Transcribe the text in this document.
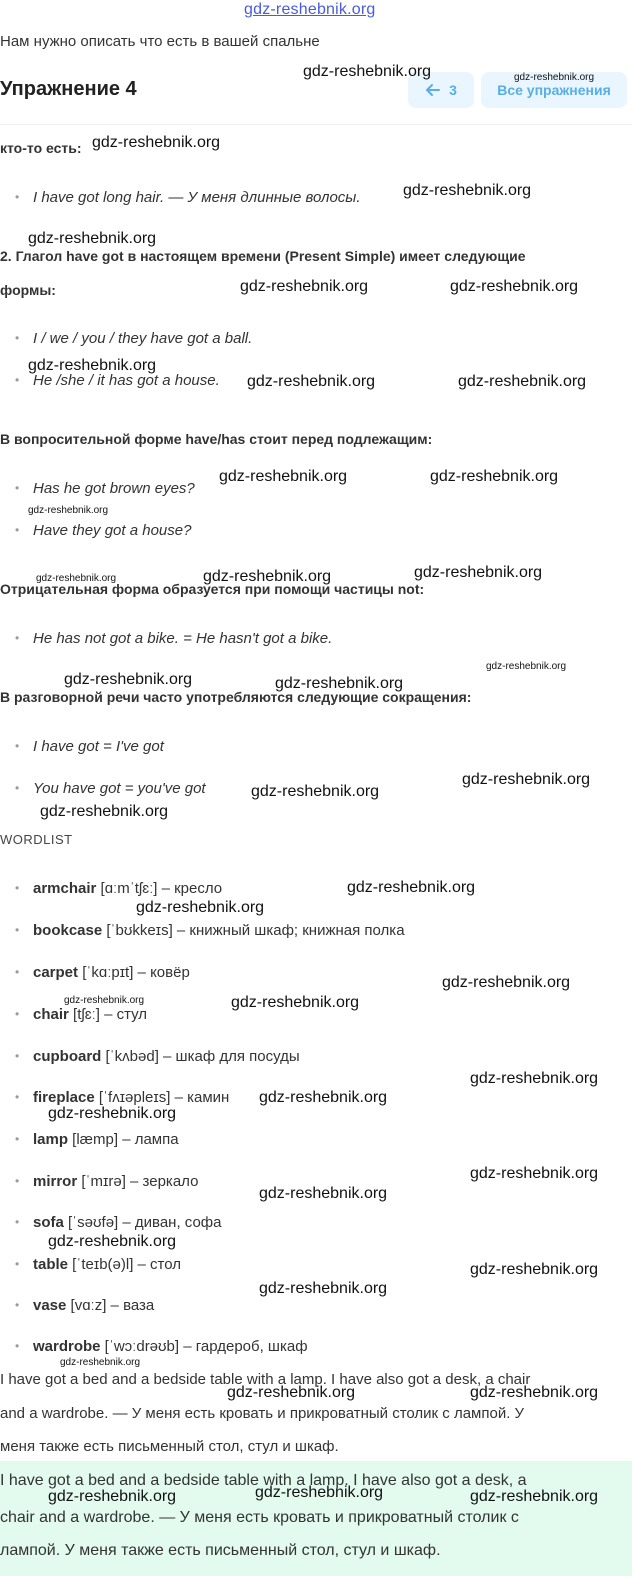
gdz-reshebnik.org
Нам нужно описать что есть в вашей спальне
Упражнение 4	3	Все упражнения
кто-то есть:
• I have got long hair. — У меня длинные волосы.
2. Глагол have got в настоящем времени (Present Simple) имеет следующие
формы:
• I / we / you / they have got a ball.
• He /she / it has got a house.
В вопросительной форме have/has стоит перед подлежащим:
• Has he got brown eyes?
• Have they got a house?
Отрицательная форма образуется при помощи частицы not:
• He has not got a bike. = He hasn't got a bike.
В разговорной речи часто употребляются следующие сокращения:
• I have got = I've got
• You have got = you've got
WORDLIST
• armchair [ɑːmˈtʃɛː] – кресло
• bookcase [ˈbʊkkeɪs] – книжный шкаф; книжная полка
• carpet [ˈkɑːpɪt] – ковёр
• chair [tʃɛː] – стул
• cupboard [ˈkʌbəd] – шкаф для посуды
• fireplace [ˈfʌɪəpleɪs] – камин
• lamp [læmp] – лампа
• mirror [ˈmɪrə] – зеркало
• sofa [ˈsəʊfə] – диван, софа
• table [ˈteɪb(ə)l] – стол
• vase [vɑːz] – ваза
• wardrobe [ˈwɔːdrəʊb] – гардероб, шкаф
I have got a bed and a bedside table with a lamp. I have also got a desk, a chair
and a wardrobe. — У меня есть кровать и прикроватный столик с лампой. У
меня также есть письменный стол, стул и шкаф.
I have got a bed and a bedside table with a lamp. I have also got a desk, a
chair and a wardrobe. — У меня есть кровать и прикроватный столик с
лампой. У меня также есть письменный стол, стул и шкаф.
gdz-reshebnik.org	gdz-reshebnik.org
gdz-reshebnik.org
gdz-reshebnik.org
gdz-reshebnik.org
gdz-reshebnik.org	gdz-reshebnik.org
gdz-reshebnik.org
gdz-reshebnik.org	gdz-reshebnik.org
gdz-reshebnik.org	gdz-reshebnik.org
gdz-reshebnik.org
gdz-reshebnik.org	gdz-reshebnik.org	gdz-reshebnik.org
gdz-reshebnik.org
gdz-reshebnik.org	gdz-reshebnik.org
gdz-reshebnik.org
gdz-reshebnik.org
gdz-reshebnik.org
gdz-reshebnik.org
gdz-reshebnik.org
gdz-reshebnik.org
gdz-reshebnik.org	gdz-reshebnik.org
gdz-reshebnik.org
gdz-reshebnik.org
gdz-reshebnik.org
gdz-reshebnik.org
gdz-reshebnik.org
gdz-reshebnik.org
gdz-reshebnik.org
gdz-reshebnik.org
gdz-reshebnik.org
gdz-reshebnik.org	gdz-reshebnik.org
gdz-reshebnik.org	gdz-reshebnik.org	gdz-reshebnik.org
